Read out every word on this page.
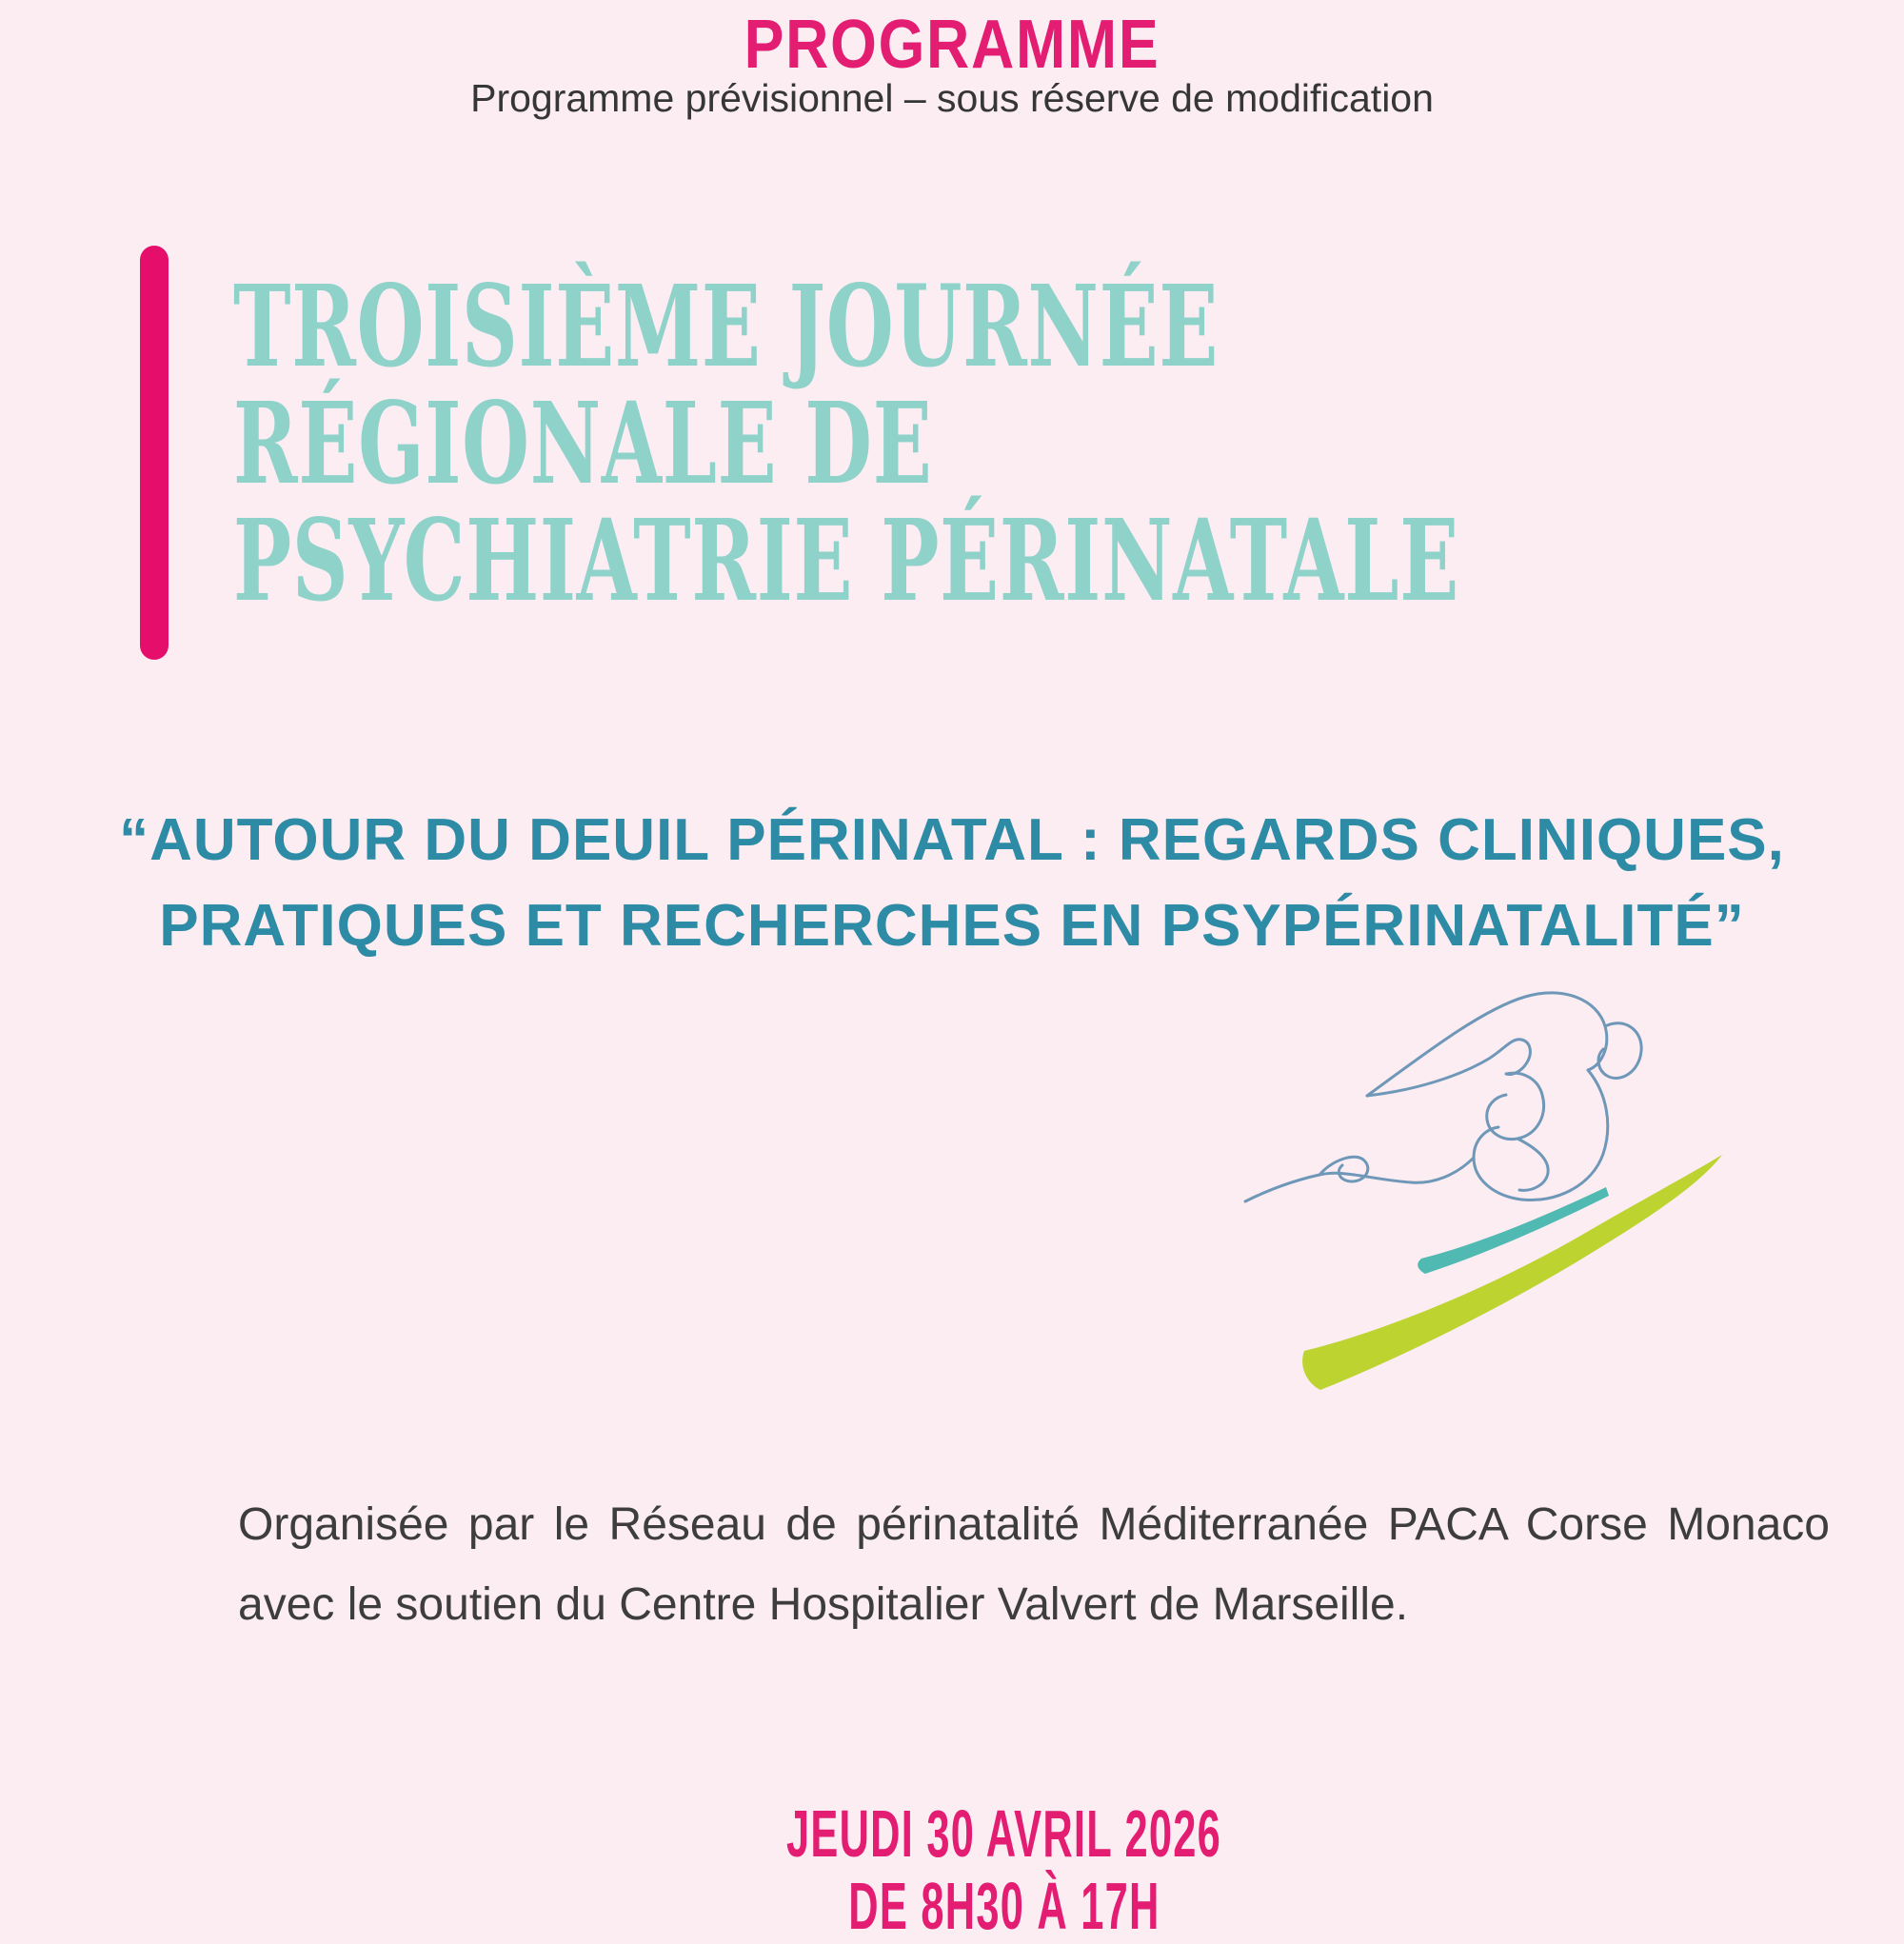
PROGRAMME
Programme prévisionnel – sous réserve de modification
TROISIÈME JOURNÉE
RÉGIONALE DE
PSYCHIATRIE PÉRINATALE
“AUTOUR DU DEUIL PÉRINATAL : REGARDS CLINIQUES,
PRATIQUES ET RECHERCHES EN PSYPÉRINATALITÉ”
Organisée par le Réseau de périnatalité Méditerranée PACA Corse Monaco
avec le soutien du Centre Hospitalier Valvert de Marseille.
JEUDI 30 AVRIL 2026
DE 8H30 À 17H
